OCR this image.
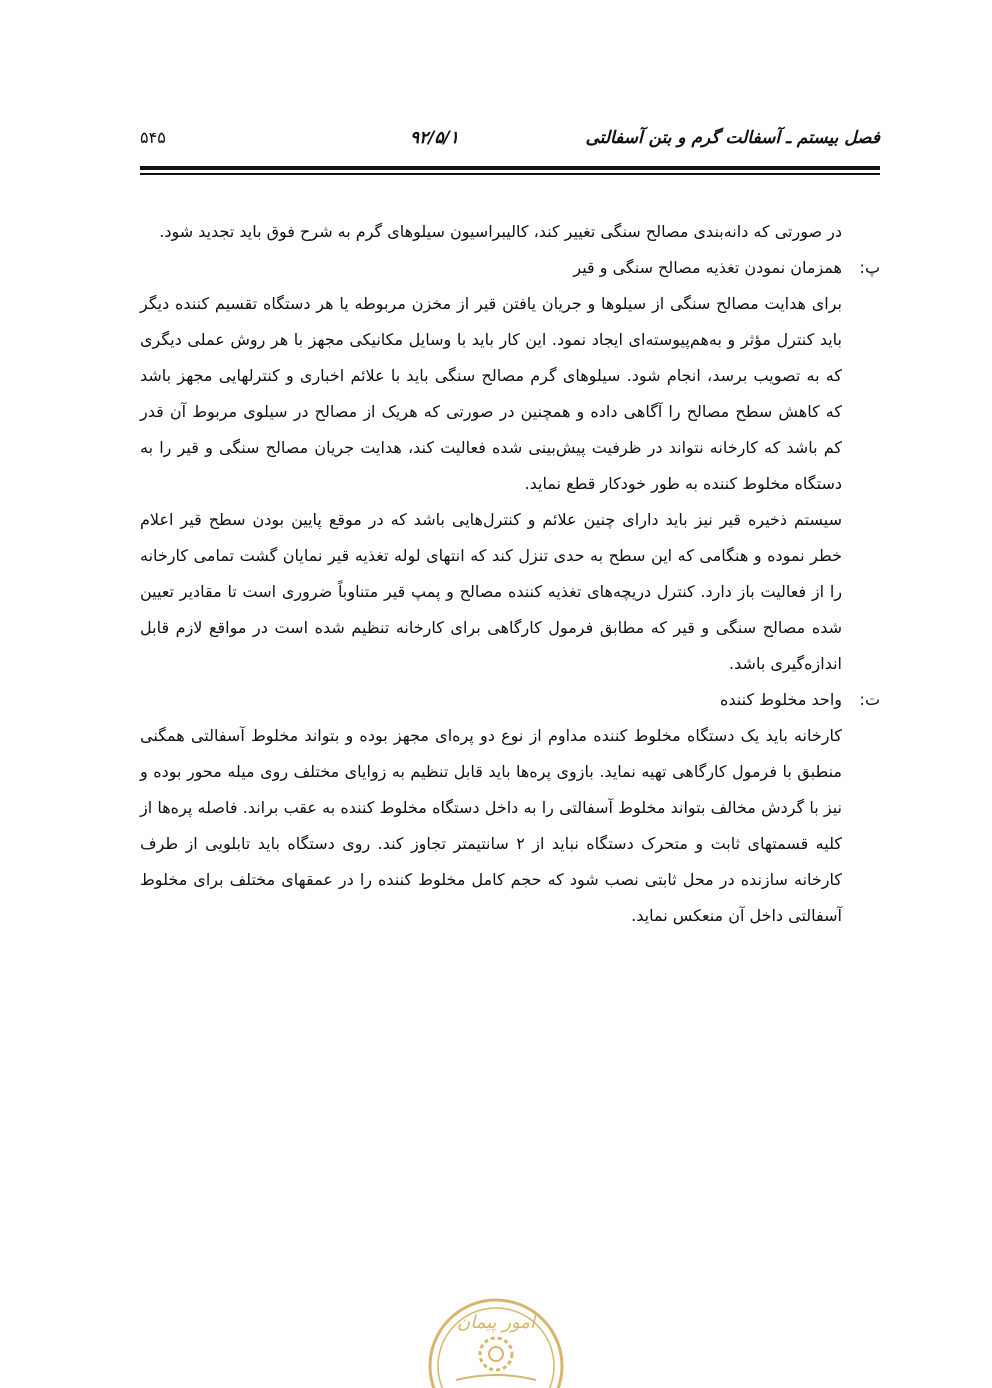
فصل بیستم ـ آسفالت گرم و بتن آسفالتی
۹۲/۵/۱
۵۴۵

در صورتی که دانه‌بندی مصالح سنگی تغییر کند، کالیبراسیون سیلوهای گرم به شرح فوق باید تجدید شود.

پ:
همزمان نمودن تغذیه مصالح سنگی و قیر

برای هدایت مصالح سنگی از سیلوها و جریان یافتن قیر از مخزن مربوطه یا هر دستگاه تقسیم کننده دیگر باید کنترل مؤثر و به‌هم‌پیوسته‌ای ایجاد نمود. این کار باید با وسایل مکانیکی مجهز با هر روش عملی دیگری که به تصویب برسد، انجام شود. سیلوهای گرم مصالح سنگی باید با علائم اخباری و کنترلهایی مجهز باشد که کاهش سطح مصالح را آگاهی داده و همچنین در صورتی که هریک از مصالح در سیلوی مربوط آن قدر کم باشد که کارخانه نتواند در ظرفیت پیش‌بینی شده فعالیت کند، هدایت جریان مصالح سنگی و قیر را به دستگاه مخلوط کننده به طور خودکار قطع نماید.

سیستم ذخیره قیر نیز باید دارای چنین علائم و کنترل‌هایی باشد که در موقع پایین بودن سطح قیر اعلام خطر نموده و هنگامی که این سطح به حدی تنزل کند که انتهای لوله تغذیه قیر نمایان گشت تمامی کارخانه را از فعالیت باز دارد. کنترل دریچه‌های تغذیه کننده مصالح و پمپ قیر متناوباً ضروری است تا مقادیر تعیین شده مصالح سنگی و قیر که مطابق فرمول کارگاهی برای کارخانه تنظیم شده است در مواقع لازم قابل اندازه‌گیری باشد.

ت:
واحد مخلوط کننده

کارخانه باید یک دستگاه مخلوط کننده مداوم از نوع دو پره‌ای مجهز بوده و بتواند مخلوط آسفالتی همگنی منطبق با فرمول کارگاهی تهیه نماید. بازوی پره‌ها باید قابل تنظیم به زوایای مختلف روی میله محور بوده و نیز با گردش مخالف بتواند مخلوط آسفالتی را به داخل دستگاه مخلوط کننده به عقب براند. فاصله پره‌ها از کلیه قسمتهای ثابت و متحرک دستگاه نباید از ۲ سانتیمتر تجاوز کند. روی دستگاه باید تابلویی از طرف کارخانه سازنده در محل ثابتی نصب شود که حجم کامل مخلوط کننده را در عمقهای مختلف برای مخلوط آسفالتی داخل آن منعکس نماید.

امور پیمان
